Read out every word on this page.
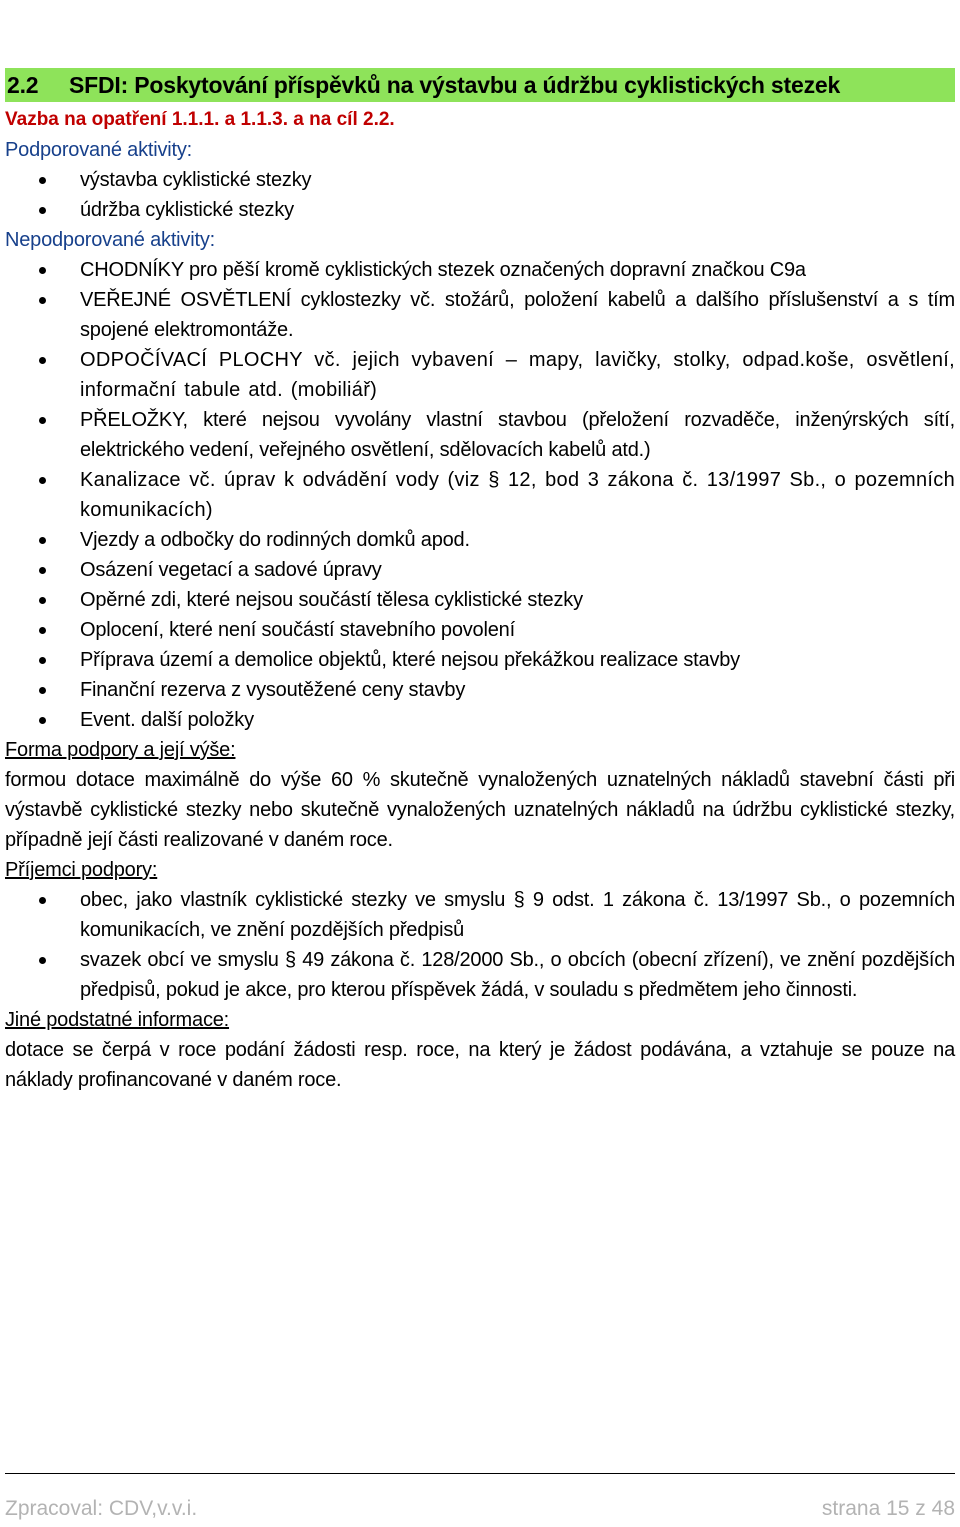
2.2	SFDI: Poskytování příspěvků na výstavbu a údržbu cyklistických stezek
Vazba na opatření 1.1.1. a 1.1.3. a na cíl 2.2.
Podporované aktivity:
výstavba cyklistické stezky
údržba cyklistické stezky
Nepodporované aktivity:
CHODNÍKY pro pěší kromě cyklistických stezek označených dopravní značkou C9a
VEŘEJNÉ OSVĚTLENÍ cyklostezky vč. stožárů, položení kabelů a dalšího příslušenství a s tím spojené elektromontáže.
ODPOČÍVACÍ PLOCHY vč. jejich vybavení – mapy, lavičky, stolky, odpad.koše, osvětlení, informační tabule atd. (mobiliář)
PŘELOŽKY, které nejsou vyvolány vlastní stavbou (přeložení rozvaděče, inženýrských sítí, elektrického vedení, veřejného osvětlení, sdělovacích kabelů atd.)
Kanalizace vč. úprav k odvádění vody (viz § 12, bod 3 zákona č. 13/1997 Sb., o pozemních komunikacích)
Vjezdy a odbočky do rodinných domků apod.
Osázení vegetací a sadové úpravy
Opěrné zdi, které nejsou součástí tělesa cyklistické stezky
Oplocení, které není součástí stavebního povolení
Příprava území a demolice objektů, které nejsou překážkou realizace stavby
Finanční rezerva z vysoutěžené ceny stavby
Event. další položky
Forma podpory a její výše:
formou dotace maximálně do výše 60 % skutečně vynaložených uznatelných nákladů stavební části při výstavbě cyklistické stezky nebo skutečně vynaložených uznatelných nákladů na údržbu cyklistické stezky, případně její části realizované v daném roce.
Příjemci podpory:
obec, jako vlastník cyklistické stezky ve smyslu § 9 odst. 1 zákona č. 13/1997 Sb., o pozemních komunikacích, ve znění pozdějších předpisů
svazek obcí ve smyslu § 49 zákona č. 128/2000 Sb., o obcích (obecní zřízení), ve znění pozdějších předpisů, pokud je akce, pro kterou příspěvek žádá, v souladu s předmětem jeho činnosti.
Jiné podstatné informace:
dotace se čerpá v roce podání žádosti resp. roce, na který je žádost podávána, a vztahuje se pouze na náklady profinancované v daném roce.
Zpracoval: CDV,v.v.i.	strana 15 z 48
